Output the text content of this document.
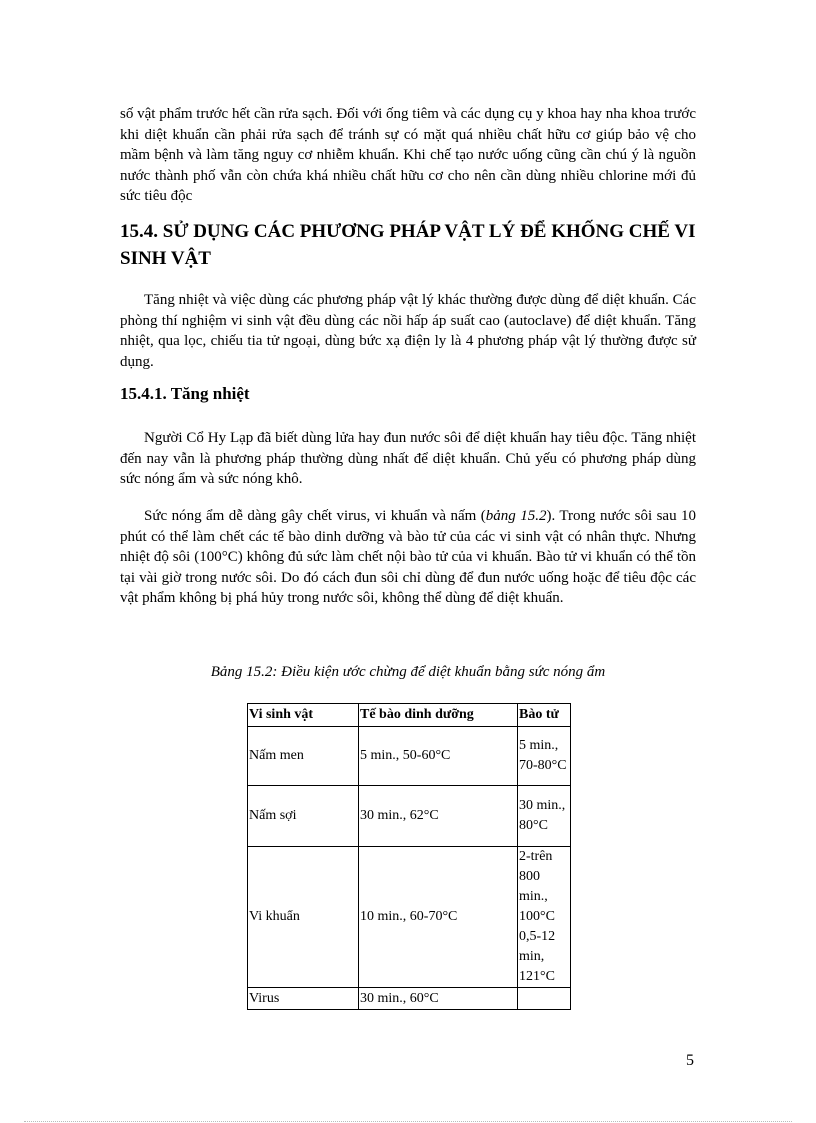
số vật phẩm trước hết cần rửa sạch. Đối với ống tiêm và các dụng cụ y khoa hay nha khoa trước khi diệt khuẩn cần phải rửa sạch để tránh sự có mặt quá nhiều chất hữu cơ giúp bảo vệ cho mầm bệnh và làm tăng nguy cơ nhiễm khuẩn. Khi chế tạo nước uống cũng cần chú ý là nguồn nước thành phố vẫn còn chứa khá nhiều chất hữu cơ cho nên cần dùng nhiều chlorine mới đủ sức tiêu độc

15.4. SỬ DỤNG CÁC PHƯƠNG PHÁP VẬT LÝ ĐỂ KHỐNG CHẾ VI SINH VẬT

Tăng nhiệt và việc dùng các phương pháp vật lý khác thường được dùng để diệt khuẩn. Các phòng thí nghiệm vi sinh vật đều dùng các nồi hấp áp suất cao (autoclave) để diệt khuẩn. Tăng nhiệt, qua lọc, chiếu tia tử ngoại, dùng bức xạ điện ly là 4 phương pháp vật lý thường được sử dụng.

15.4.1. Tăng nhiệt

Người Cổ Hy Lạp đã biết dùng lửa hay đun nước sôi để diệt khuẩn hay tiêu độc. Tăng nhiệt đến nay vẫn là phương pháp thường dùng nhất để diệt khuẩn. Chủ yếu có phương pháp dùng sức nóng ẩm và sức nóng khô.

Sức nóng ẩm dễ dàng gây chết virus, vi khuẩn và nấm (bảng 15.2). Trong nước sôi sau 10 phút có thể làm chết các tế bào dinh dưỡng và bào tử của các vi sinh vật có nhân thực. Nhưng nhiệt độ sôi (100°C) không đủ sức làm chết nội bào tử của vi khuẩn. Bào tử vi khuẩn có thể tồn tại vài giờ trong nước sôi. Do đó cách đun sôi chỉ dùng để đun nước uống hoặc để tiêu độc các vật phẩm không bị phá hủy trong nước sôi, không thể dùng để diệt khuẩn.

Bảng 15.2: Điều kiện ước chừng để diệt khuẩn bằng sức nóng ẩm
Vi sinh vật	Tế bào dinh dưỡng	Bào tử
Nấm men	5 min., 50-60°C	5 min., 70-80°C
Nấm sợi	30 min., 62°C	30 min., 80°C
Vi khuẩn	10 min., 60-70°C	2-trên 800 min., 100°C 0,5-12 min, 121°C
Virus	30 min., 60°C	
5
